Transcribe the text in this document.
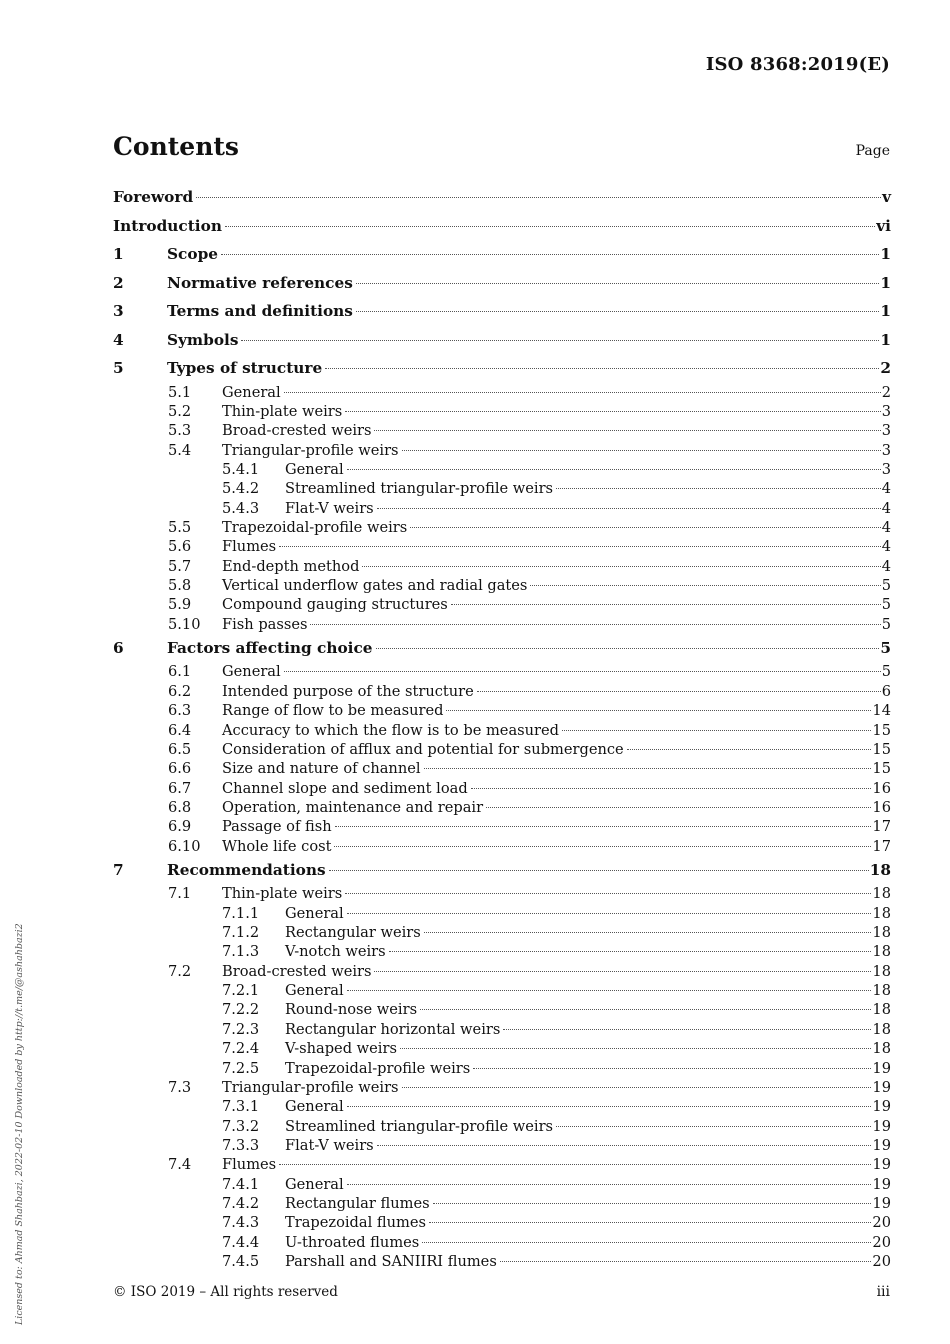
ISO 8368:2019(E)
Contents	Page
Foreword	v
Introduction	vi
1	Scope	1
2	Normative references	1
3	Terms and definitions	1
4	Symbols	1
5	Types of structure	2
5.1 General	2
5.2 Thin-plate weirs	3
5.3 Broad-crested weirs	3
5.4 Triangular-profile weirs	3
5.4.1 General	3
5.4.2 Streamlined triangular-profile weirs	4
5.4.3 Flat-V weirs	4
5.5 Trapezoidal-profile weirs	4
5.6 Flumes	4
5.7 End-depth method	4
5.8 Vertical underflow gates and radial gates	5
5.9 Compound gauging structures	5
5.10 Fish passes	5
6	Factors affecting choice	5
6.1 General	5
6.2 Intended purpose of the structure	6
6.3 Range of flow to be measured	14
6.4 Accuracy to which the flow is to be measured	15
6.5 Consideration of afflux and potential for submergence	15
6.6 Size and nature of channel	15
6.7 Channel slope and sediment load	16
6.8 Operation, maintenance and repair	16
6.9 Passage of fish	17
6.10 Whole life cost	17
7	Recommendations	18
7.1 Thin-plate weirs	18
7.1.1 General	18
7.1.2 Rectangular weirs	18
7.1.3 V-notch weirs	18
7.2 Broad-crested weirs	18
7.2.1 General	18
7.2.2 Round-nose weirs	18
7.2.3 Rectangular horizontal weirs	18
7.2.4 V-shaped weirs	18
7.2.5 Trapezoidal-profile weirs	19
7.3 Triangular-profile weirs	19
7.3.1 General	19
7.3.2 Streamlined triangular-profile weirs	19
7.3.3 Flat-V weirs	19
7.4 Flumes	19
7.4.1 General	19
7.4.2 Rectangular flumes	19
7.4.3 Trapezoidal flumes	20
7.4.4 U-throated flumes	20
7.4.5 Parshall and SANIIRI flumes	20
© ISO 2019 – All rights reserved	iii
Licensed to: Ahmad Shahbazi, 2022-02-10 Downloaded by http://t.me/@ashahbazi2
